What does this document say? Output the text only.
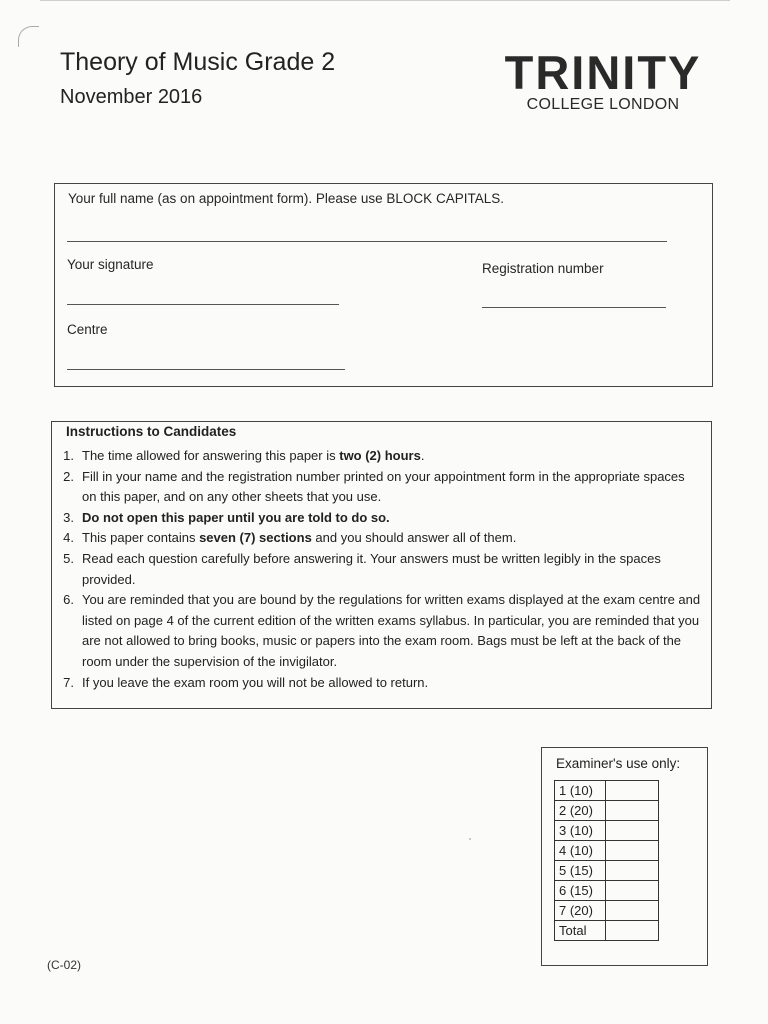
Theory of Music Grade 2
November 2016	TRINITY
COLLEGE LONDON
Your full name (as on appointment form). Please use BLOCK CAPITALS.
Your signature	Registration number
Centre
Instructions to Candidates
1. The time allowed for answering this paper is two (2) hours.
2. Fill in your name and the registration number printed on your appointment form in the appropriate spaces on this paper, and on any other sheets that you use.
3. Do not open this paper until you are told to do so.
4. This paper contains seven (7) sections and you should answer all of them.
5. Read each question carefully before answering it. Your answers must be written legibly in the spaces provided.
6. You are reminded that you are bound by the regulations for written exams displayed at the exam centre and listed on page 4 of the current edition of the written exams syllabus. In particular, you are reminded that you are not allowed to bring books, music or papers into the exam room. Bags must be left at the back of the room under the supervision of the invigilator.
7. If you leave the exam room you will not be allowed to return.
Examiner's use only:
1 (10)	
2 (20)	
3 (10)	
4 (10)	
5 (15)	
6 (15)	
7 (20)	
Total	
(C-02)
